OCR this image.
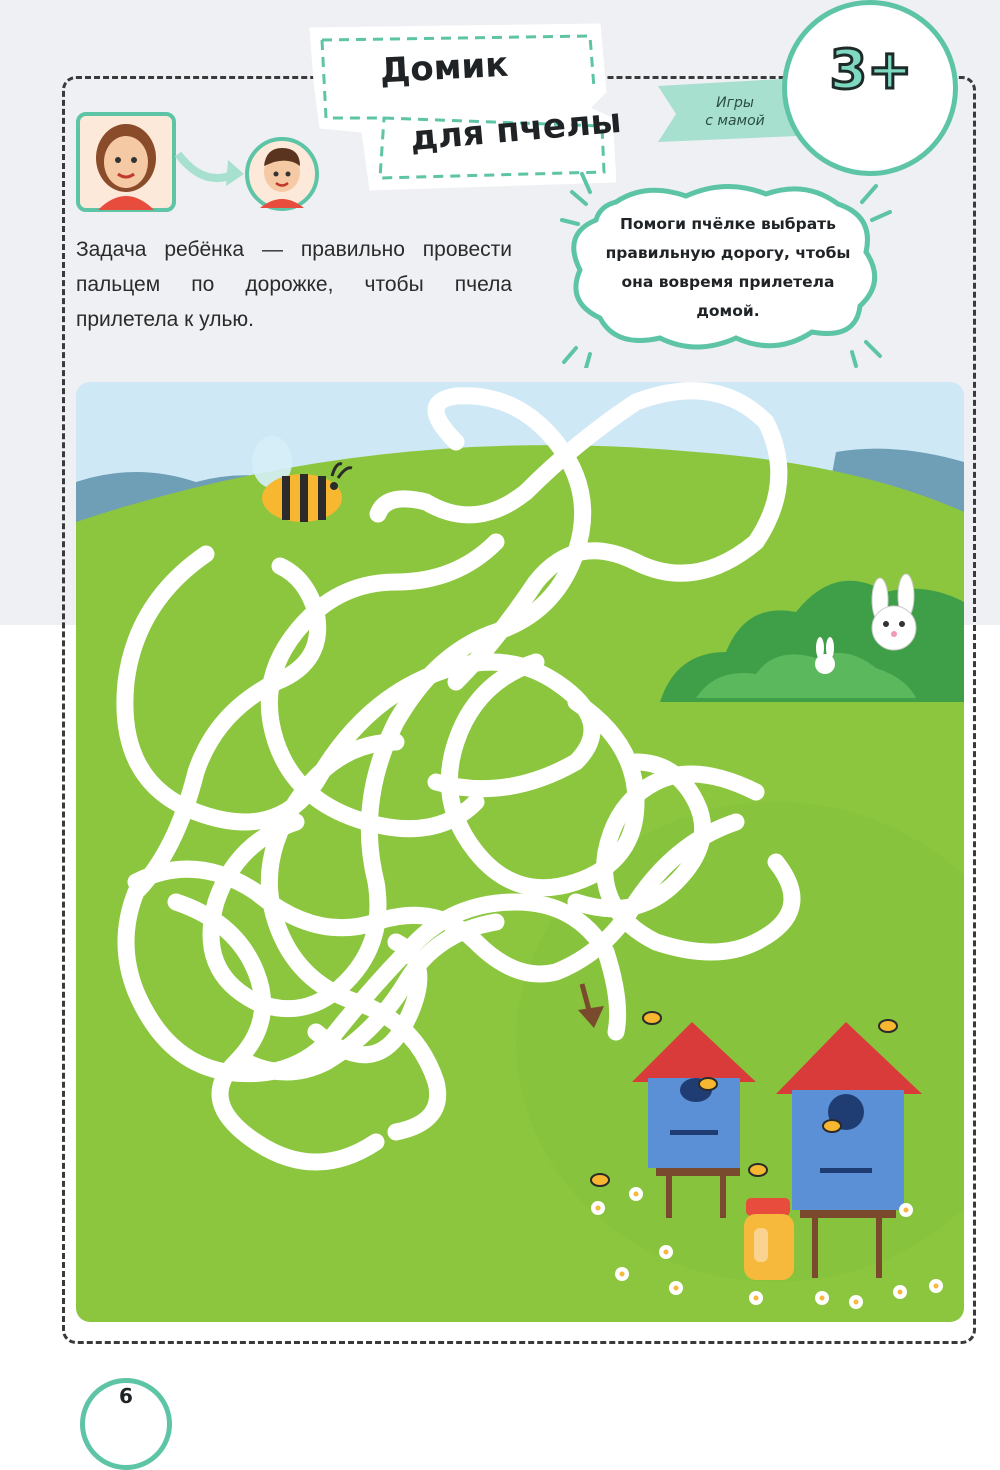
Домик
для пчелы	Игры
с мамой
3+
Задача ребёнка — правильно провести пальцем по дорожке, чтобы пчела прилетела к улью.
Помоги пчёлке выбрать правильную дорогу, чтобы она вовремя прилетела домой.
6
